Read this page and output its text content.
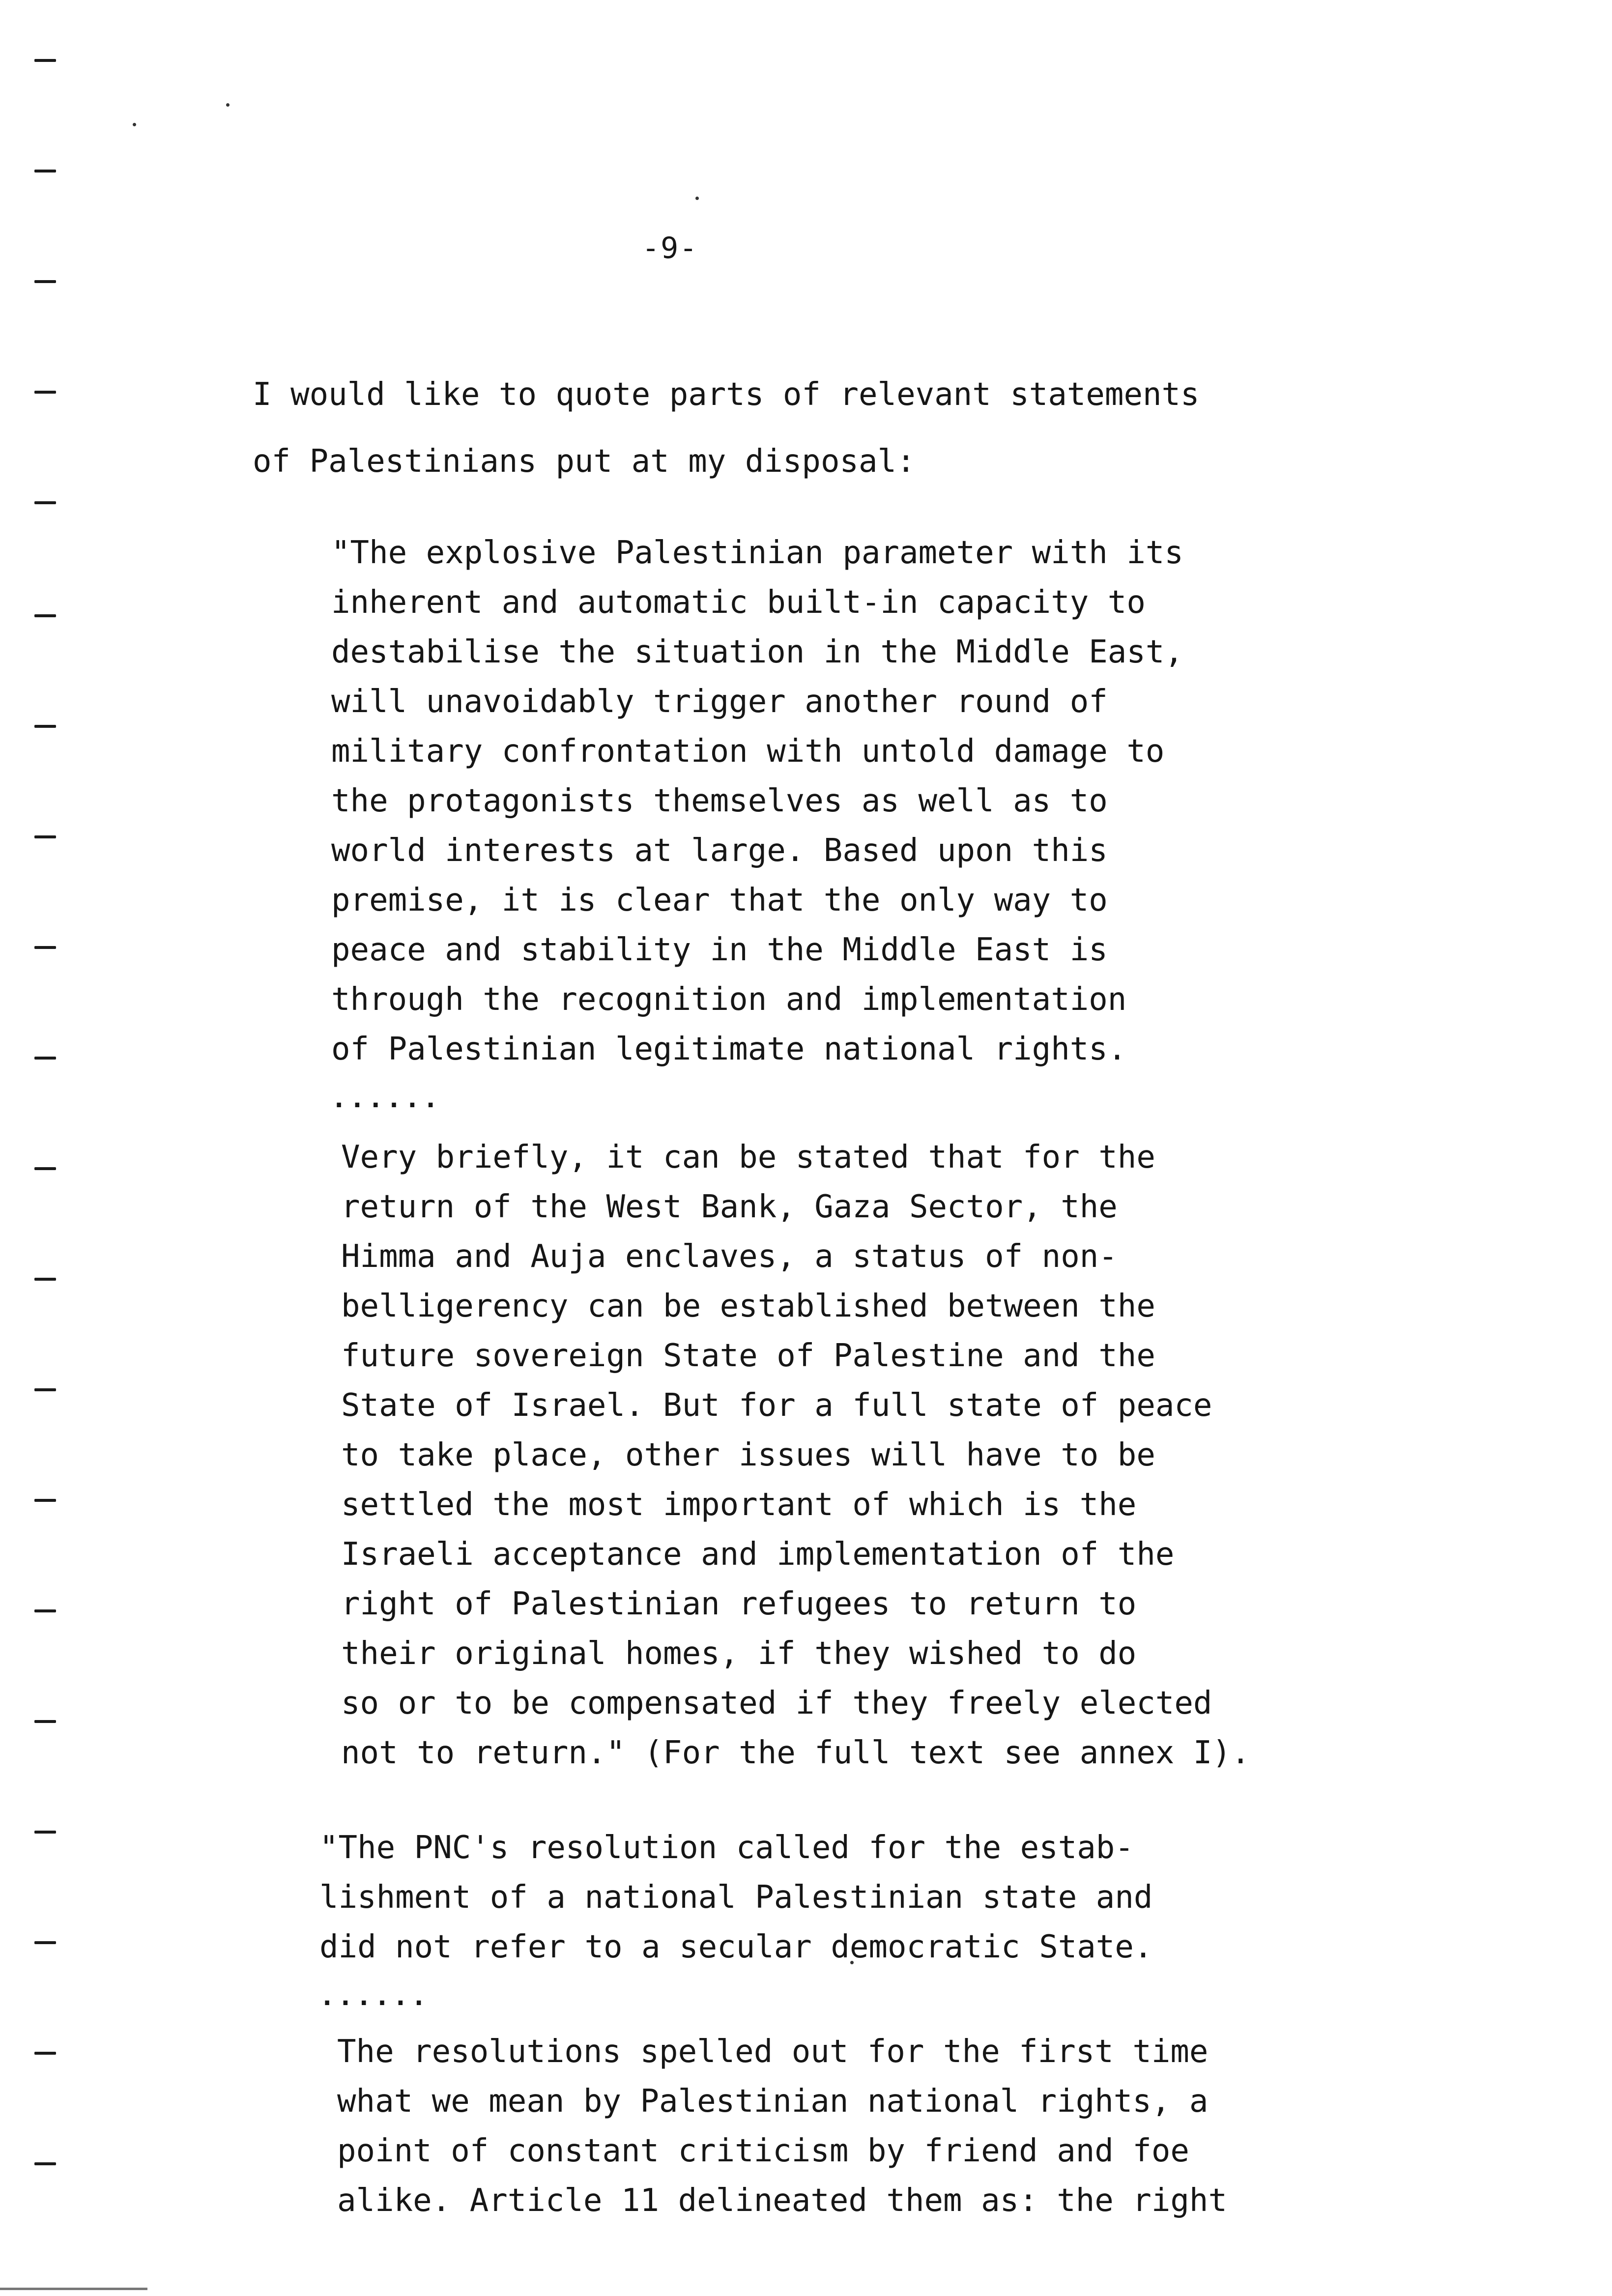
-9-
I would like to quote parts of relevant statements
of Palestinians put at my disposal:
"The explosive Palestinian parameter with its
inherent and automatic built-in capacity to
destabilise the situation in the Middle East,
will unavoidably trigger another round of
military confrontation with untold damage to
the protagonists themselves as well as to
world interests at large. Based upon this
premise, it is clear that the only way to
peace and stability in the Middle East is
through the recognition and implementation
of Palestinian legitimate national rights.
......
Very briefly, it can be stated that for the
return of the West Bank, Gaza Sector, the
Himma and Auja enclaves, a status of non-
belligerency can be established between the
future sovereign State of Palestine and the
State of Israel. But for a full state of peace
to take place, other issues will have to be
settled the most important of which is the
Israeli acceptance and implementation of the
right of Palestinian refugees to return to
their original homes, if they wished to do
so or to be compensated if they freely elected
not to return." (For the full text see annex I).
"The PNC's resolution called for the estab-
lishment of a national Palestinian state and
did not refer to a secular democratic State.
......
The resolutions spelled out for the first time
what we mean by Palestinian national rights, a
point of constant criticism by friend and foe
alike. Article 11 delineated them as: the right
